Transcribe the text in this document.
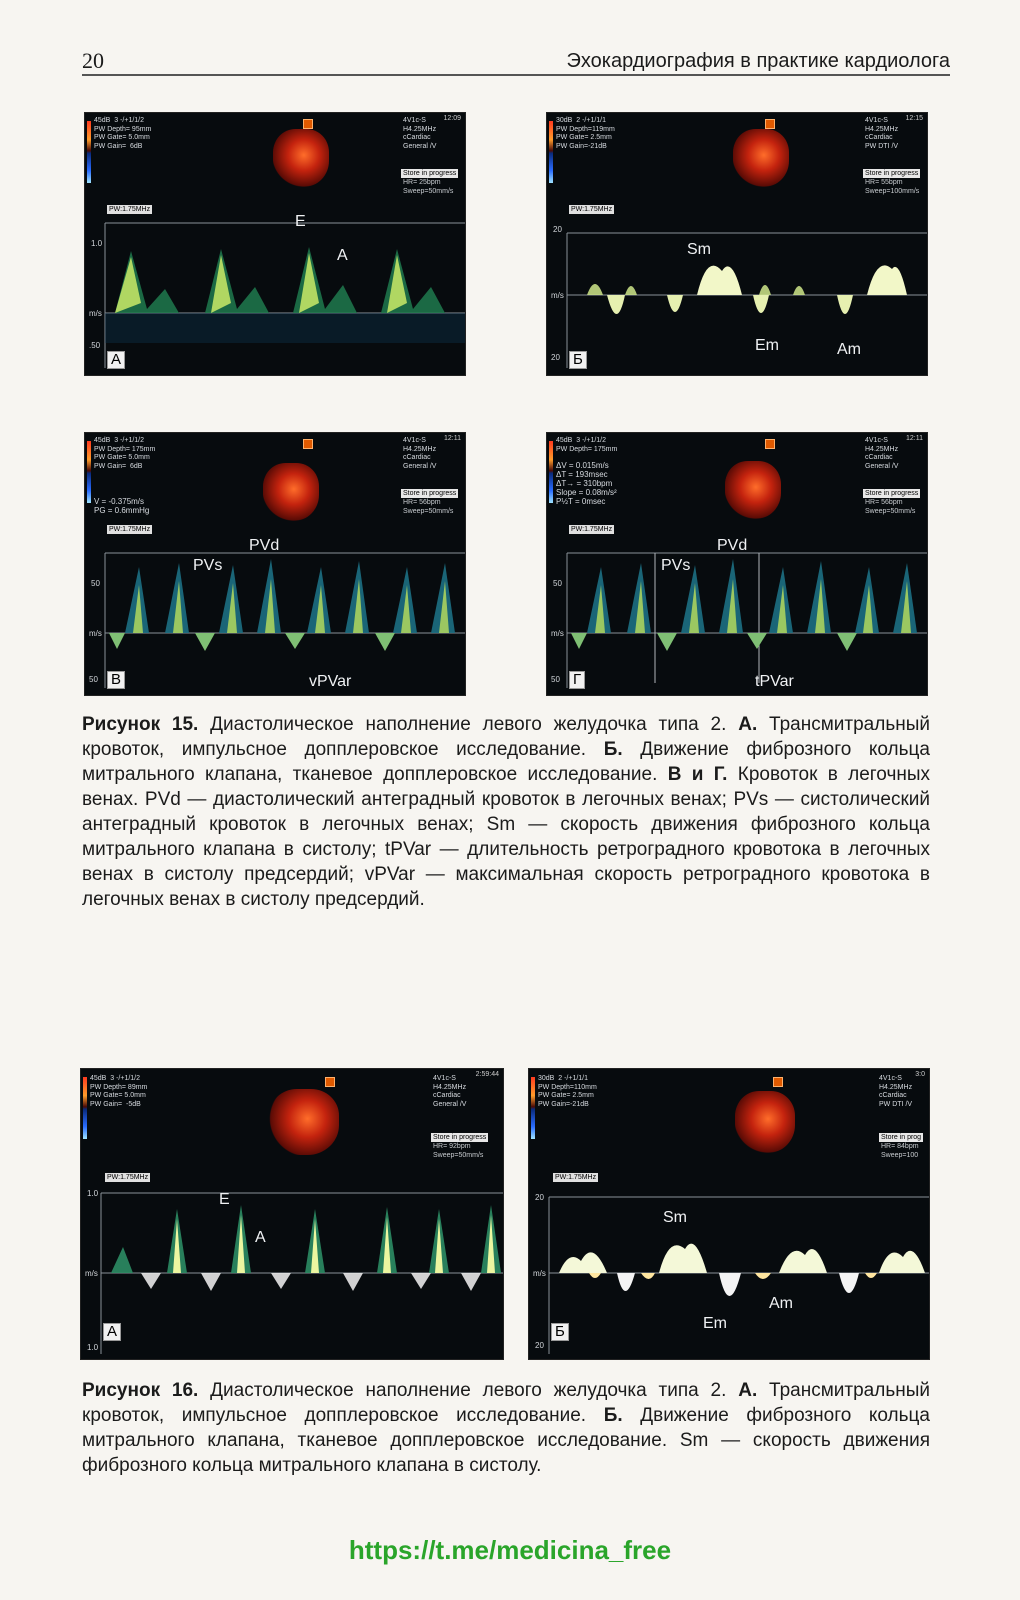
20	Эхокардиография в практике кардиолога
45dB  3 -/+1/1/2
PW Depth= 95mm
PW Gate= 5.0mm
PW Gain=  6dB
4V1c-S
H4.25MHz
cCardiac
General /V
12:09
Store in progress
HR= 25bpm
Sweep=50mm/s
PW:1.75MHz
1.0
m/s
.50
E
A
А
30dB  2 -/+1/1/1
PW Depth=119mm
PW Gate= 2.5mm
PW Gain=-21dB
4V1c-S
H4.25MHz
cCardiac
PW DTI /V
12:15
Store in progress
HR= 55bpm
Sweep=100mm/s
PW:1.75MHz
20
m/s
20
Sm
Em	Am
Б
45dB  3 -/+1/1/2
PW Depth= 175mm
PW Gate= 5.0mm
PW Gain=  6dB
V = -0.375m/s
PG = 0.6mmHg
4V1c-S
H4.25MHz
cCardiac
General /V
12:11
Store in progress
HR= 56bpm
Sweep=50mm/s
PW:1.75MHz
50
m/s
50
PVd
PVs
vPVar
В
45dB  3 -/+1/1/2
PW Depth= 175mm
ΔV = 0.015m/s
ΔT = 193msec
ΔT→ = 310bpm
Slope = 0.08m/s²
P½T = 0msec
4V1c-S
H4.25MHz
cCardiac
General /V
12:11
Store in progress
HR= 56bpm
Sweep=50mm/s
PW:1.75MHz
50
m/s
50
PVd
PVs
tPVar
Г
Рисунок 15. Диастолическое наполнение левого желудочка типа 2. А. Трансмитральный кровоток, импульсное допплеровское исследование. Б. Движение фиброзного кольца митрального клапана, тканевое допплеровское исследование. В и Г. Кровоток в легочных венах. PVd — диастолический антеградный кровоток в легочных венах; PVs — систолический антеградный кровоток в легочных венах; Sm — скорость движения фиброзного кольца митрального клапана в систолу; tPVar — длительность ретроградного кровотока в легочных венах в систолу предсердий; vPVar — максимальная скорость ретроградного кровотока в легочных венах в систолу предсердий.
45dB  3 -/+1/1/2
PW Depth= 89mm
PW Gate= 5.0mm
PW Gain=  -5dB
4V1c-S
H4.25MHz
cCardiac
General /V
2:59:44
Store in progress
HR= 92bpm
Sweep=50mm/s
PW:1.75MHz
1.0
m/s
1.0
E
A
А
30dB  2 -/+1/1/1
PW Depth=110mm
PW Gate= 2.5mm
PW Gain=-21dB
4V1c-S
H4.25MHz
cCardiac
PW DTI /V
3:0
Store in prog
HR= 84bpm
Sweep=100
PW:1.75MHz
20
m/s
20
Sm
Am
Em
Б
Рисунок 16. Диастолическое наполнение левого желудочка типа 2. А. Трансмитральный кровоток, импульсное допплеровское исследование. Б. Движение фиброзного кольца митрального клапана, тканевое допплеровское исследование. Sm — скорость движения фиброзного кольца митрального клапана в систолу.
https://t.me/medicina_free
